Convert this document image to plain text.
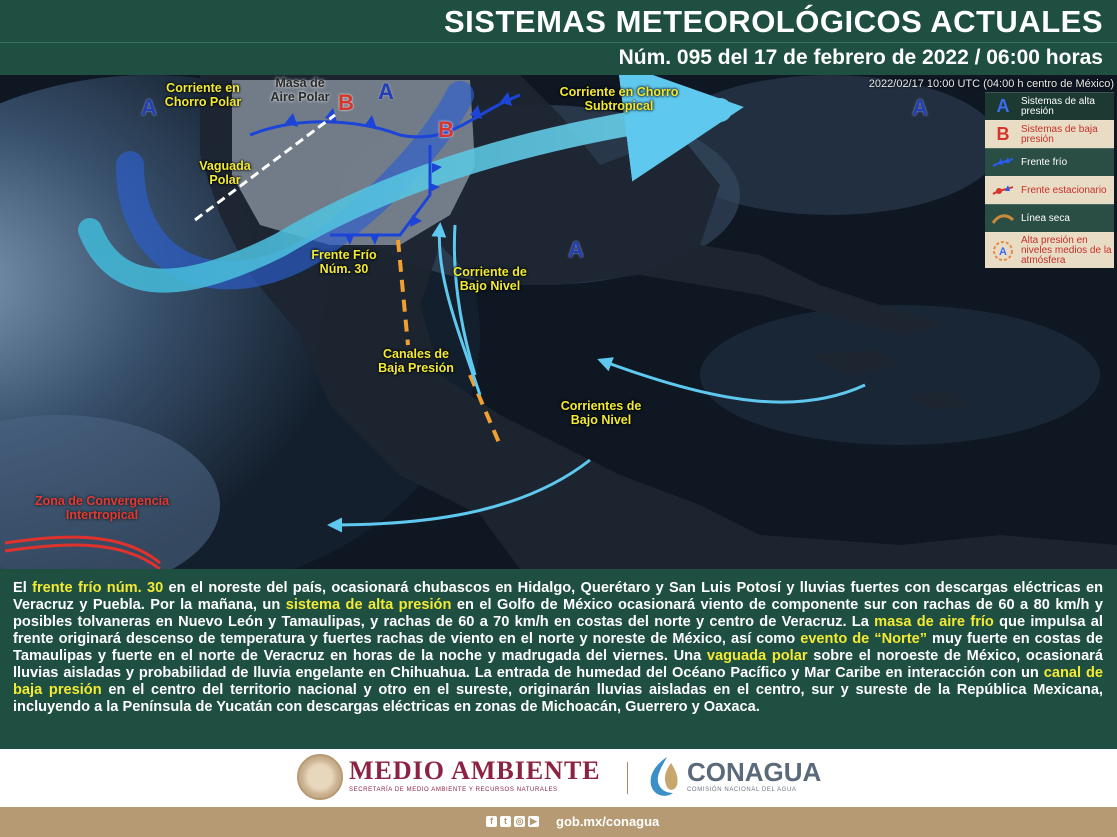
SISTEMAS METEOROLÓGICOS ACTUALES
Núm. 095 del 17 de febrero de 2022 / 06:00 horas
2022/02/17 10:00 UTC (04:00 h centro de México)
Corriente en Chorro Polar
Masa de Aire Polar	Corriente en Chorro Subtropical
Vaguada Polar
Frente Frío Núm. 30	Corriente de Bajo Nivel
Canales de Baja Presión
Corrientes de Bajo Nivel
Zona de Convergencia Intertropical
A
A
A
A
B
B
A	Sistemas de alta presión
B	Sistemas de baja presión
Frente frío
Frente estacionario
Línea seca
A
Alta presión en niveles medios de la atmósfera

El frente frío núm. 30 en el noreste del país, ocasionará chubascos en Hidalgo, Querétaro y San Luis Potosí y lluvias fuertes con descargas eléctricas en Veracruz y Puebla. Por la mañana, un sistema de alta presión en el Golfo de México ocasionará viento de componente sur con rachas de 60 a 80 km/h y posibles tolvaneras en Nuevo León y Tamaulipas, y rachas de 60 a 70 km/h en costas del norte y centro de Veracruz. La masa de aire frío que impulsa al frente originará descenso de temperatura y fuertes rachas de viento en el norte y noreste de México, así como evento de “Norte” muy fuerte en costas de Tamaulipas y fuerte en el norte de Veracruz en horas de la noche y madrugada del viernes. Una vaguada polar sobre el noroeste de México, ocasionará lluvias aisladas y probabilidad de lluvia engelante en Chihuahua. La entrada de humedad del Océano Pacífico y Mar Caribe en interacción con un canal de baja presión en el centro del territorio nacional y otro en el sureste, originarán lluvias aisladas en el centro, sur y sureste de la República Mexicana, incluyendo a la Península de Yucatán con descargas eléctricas en zonas de Michoacán, Guerrero y Oaxaca.

MEDIO AMBIENTE
SECRETARÍA DE MEDIO AMBIENTE Y RECURSOS NATURALES
CONAGUA
COMISIÓN NACIONAL DEL AGUA
f	t ◎ ▶ gob.mx/conagua
